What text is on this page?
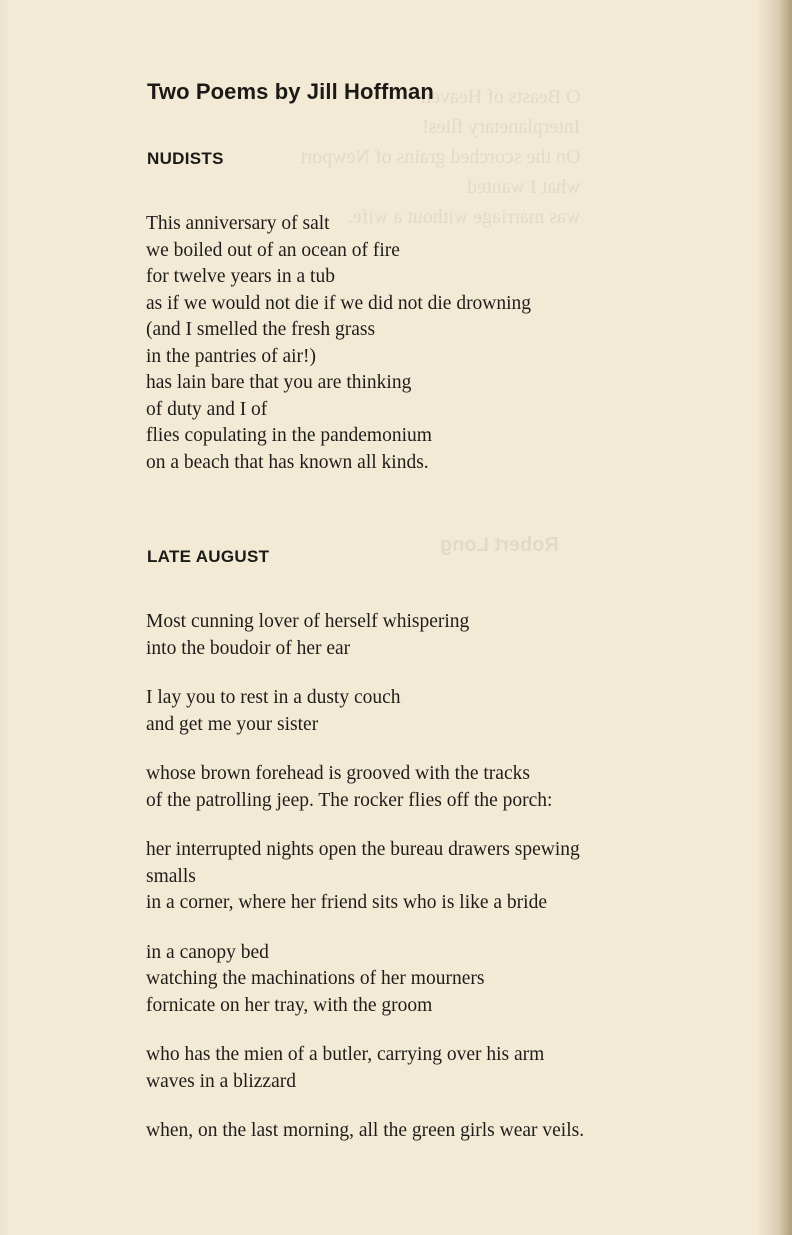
O Beasts of Heaven
Interplanetary flies!
On the scorched grains of Newport
what I wanted
was marriage without a wife.
Robert Long
Two Poems by Jill Hoffman
NUDISTS
This anniversary of salt
we boiled out of an ocean of fire
for twelve years in a tub
as if we would not die if we did not die drowning
(and I smelled the fresh grass
in the pantries of air!)
has lain bare that you are thinking
of duty and I of
flies copulating in the pandemonium
on a beach that has known all kinds.
LATE AUGUST
Most cunning lover of herself whispering
into the boudoir of her ear
I lay you to rest in a dusty couch
and get me your sister
whose brown forehead is grooved with the tracks
of the patrolling jeep. The rocker flies off the porch:
her interrupted nights open the bureau drawers spewing
smalls
in a corner, where her friend sits who is like a bride
in a canopy bed
watching the machinations of her mourners
fornicate on her tray, with the groom
who has the mien of a butler, carrying over his arm
waves in a blizzard
when, on the last morning, all the green girls wear veils.
